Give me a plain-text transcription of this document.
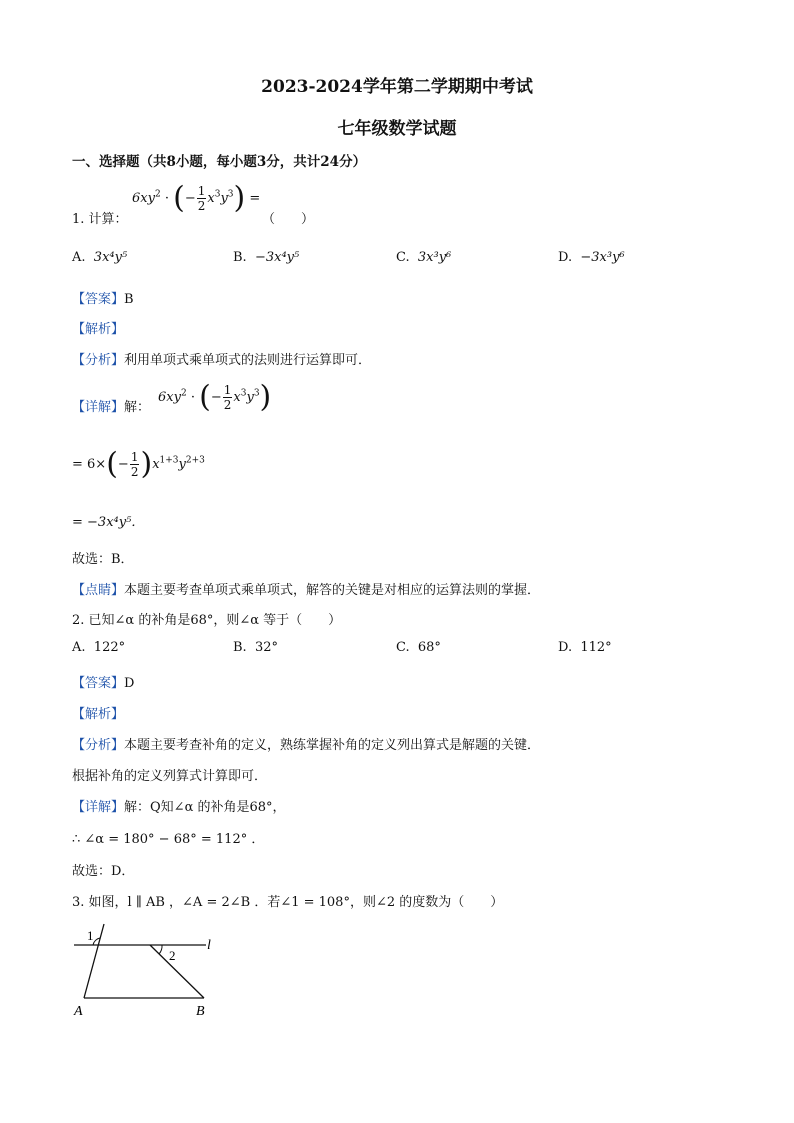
2023-2024学年第二学期期中考试
七年级数学试题
一、选择题（共8小题，每小题3分，共计24分）
$6xy^2$ · (− $\frac{1}{2} x^3y^3$) =
1. 计算：	（　　）
A. 3x⁴y⁵	B. −3x⁴y⁵	C. 3x³y⁶	D. −3x³y⁶
【答案】B
【解析】
【分析】利用单项式乘单项式的法则进行运算即可．
【详解】解：
$6xy^2$ · (− $\frac{1}{2} x^3y^3$)
= $6\times(- \frac{1}{2} )x^{1+3}y^{2+3}$
= −3x⁴y⁵．
故选：B．
【点睛】本题主要考查单项式乘单项式，解答的关键是对相应的运算法则的掌握．
2. 已知∠α 的补角是68°，则∠α 等于（　　）
A. 122°	B. 32°	C. 68°	D. 112°
【答案】D
【解析】
【分析】本题主要考查补角的定义，熟练掌握补角的定义列出算式是解题的关键．
根据补角的定义列算式计算即可．
【详解】解：Q知∠α 的补角是68°，
∴ ∠α = 180° − 68° = 112° ．
故选：D．
3. 如图，l ∥ AB ，∠A = 2∠B ．若∠1 = 108°，则∠2 的度数为（　　）
1
2
l
A	B
